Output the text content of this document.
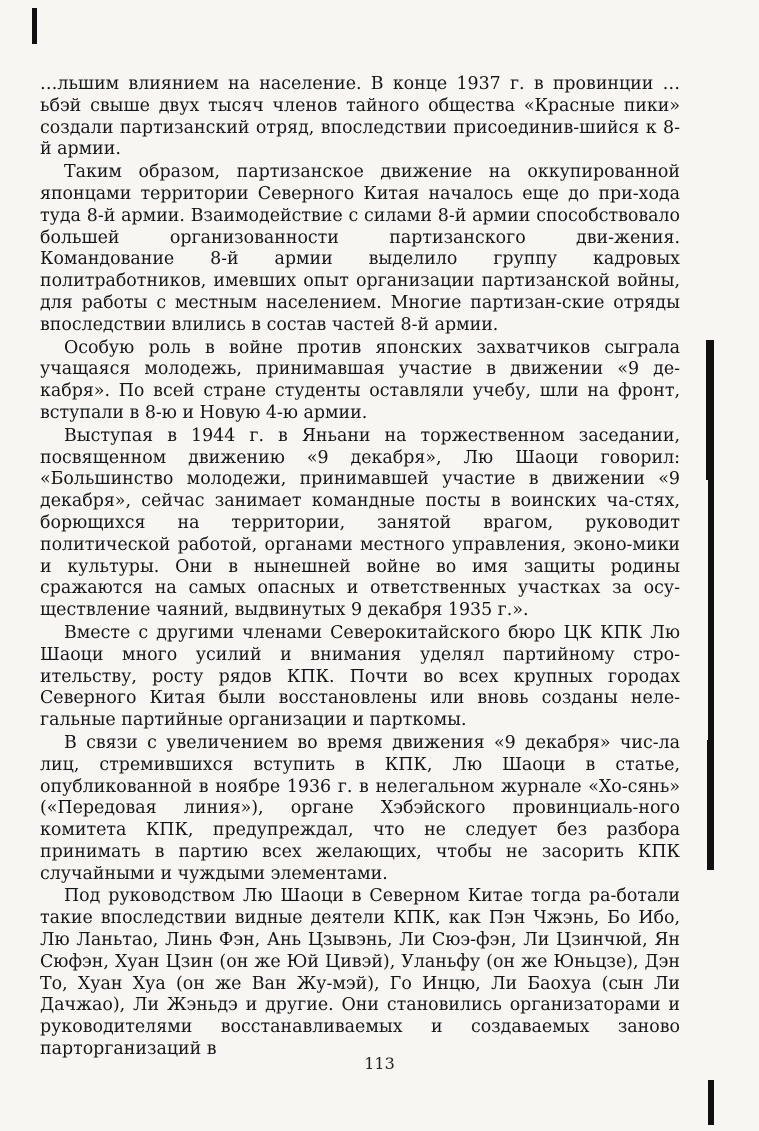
…льшим влиянием на население. В конце 1937 г. в провинции …ьбэй свыше двух тысяч членов тайного общества «Красные пики» создали партизанский отряд, впоследствии присоединив-шийся к 8-й армии.

Таким образом, партизанское движение на оккупированной японцами территории Северного Китая началось еще до при-хода туда 8-й армии. Взаимодействие с силами 8-й армии способствовало большей организованности партизанского дви-жения. Командование 8-й армии выделило группу кадровых политработников, имевших опыт организации партизанской войны, для работы с местным населением. Многие партизан-ские отряды впоследствии влились в состав частей 8-й армии.

Особую роль в войне против японских захватчиков сыграла учащаяся молодежь, принимавшая участие в движении «9 де-кабря». По всей стране студенты оставляли учебу, шли на фронт, вступали в 8-ю и Новую 4-ю армии.

Выступая в 1944 г. в Яньани на торжественном заседании, посвященном движению «9 декабря», Лю Шаоци говорил: «Большинство молодежи, принимавшей участие в движении «9 декабря», сейчас занимает командные посты в воинских ча-стях, борющихся на территории, занятой врагом, руководит политической работой, органами местного управления, эконо-мики и культуры. Они в нынешней войне во имя защиты родины сражаются на самых опасных и ответственных участках за осу-ществление чаяний, выдвинутых 9 декабря 1935 г.».

Вместе с другими членами Северокитайского бюро ЦК КПК Лю Шаоци много усилий и внимания уделял партийному стро-ительству, росту рядов КПК. Почти во всех крупных городах Северного Китая были восстановлены или вновь созданы неле-гальные партийные организации и парткомы.

В связи с увеличением во время движения «9 декабря» чис-ла лиц, стремившихся вступить в КПК, Лю Шаоци в статье, опубликованной в ноябре 1936 г. в нелегальном журнале «Хо-сянь» («Передовая линия»), органе Хэбэйского провинциаль-ного комитета КПК, предупреждал, что не следует без разбора принимать в партию всех желающих, чтобы не засорить КПК случайными и чуждыми элементами.

Под руководством Лю Шаоци в Северном Китае тогда ра-ботали такие впоследствии видные деятели КПК, как Пэн Чжэнь, Бо Ибо, Лю Ланьтао, Линь Фэн, Ань Цзывэнь, Ли Сюэ-фэн, Ли Цзинчюй, Ян Сюфэн, Хуан Цзин (он же Юй Цивэй), Уланьфу (он же Юньцзе), Дэн То, Хуан Хуа (он же Ван Жу-мэй), Го Инцю, Ли Баохуа (сын Ли Дачжао), Ли Жэньдэ и другие. Они становились организаторами и руководителями восстанавливаемых и создаваемых заново парторганизаций в

113
